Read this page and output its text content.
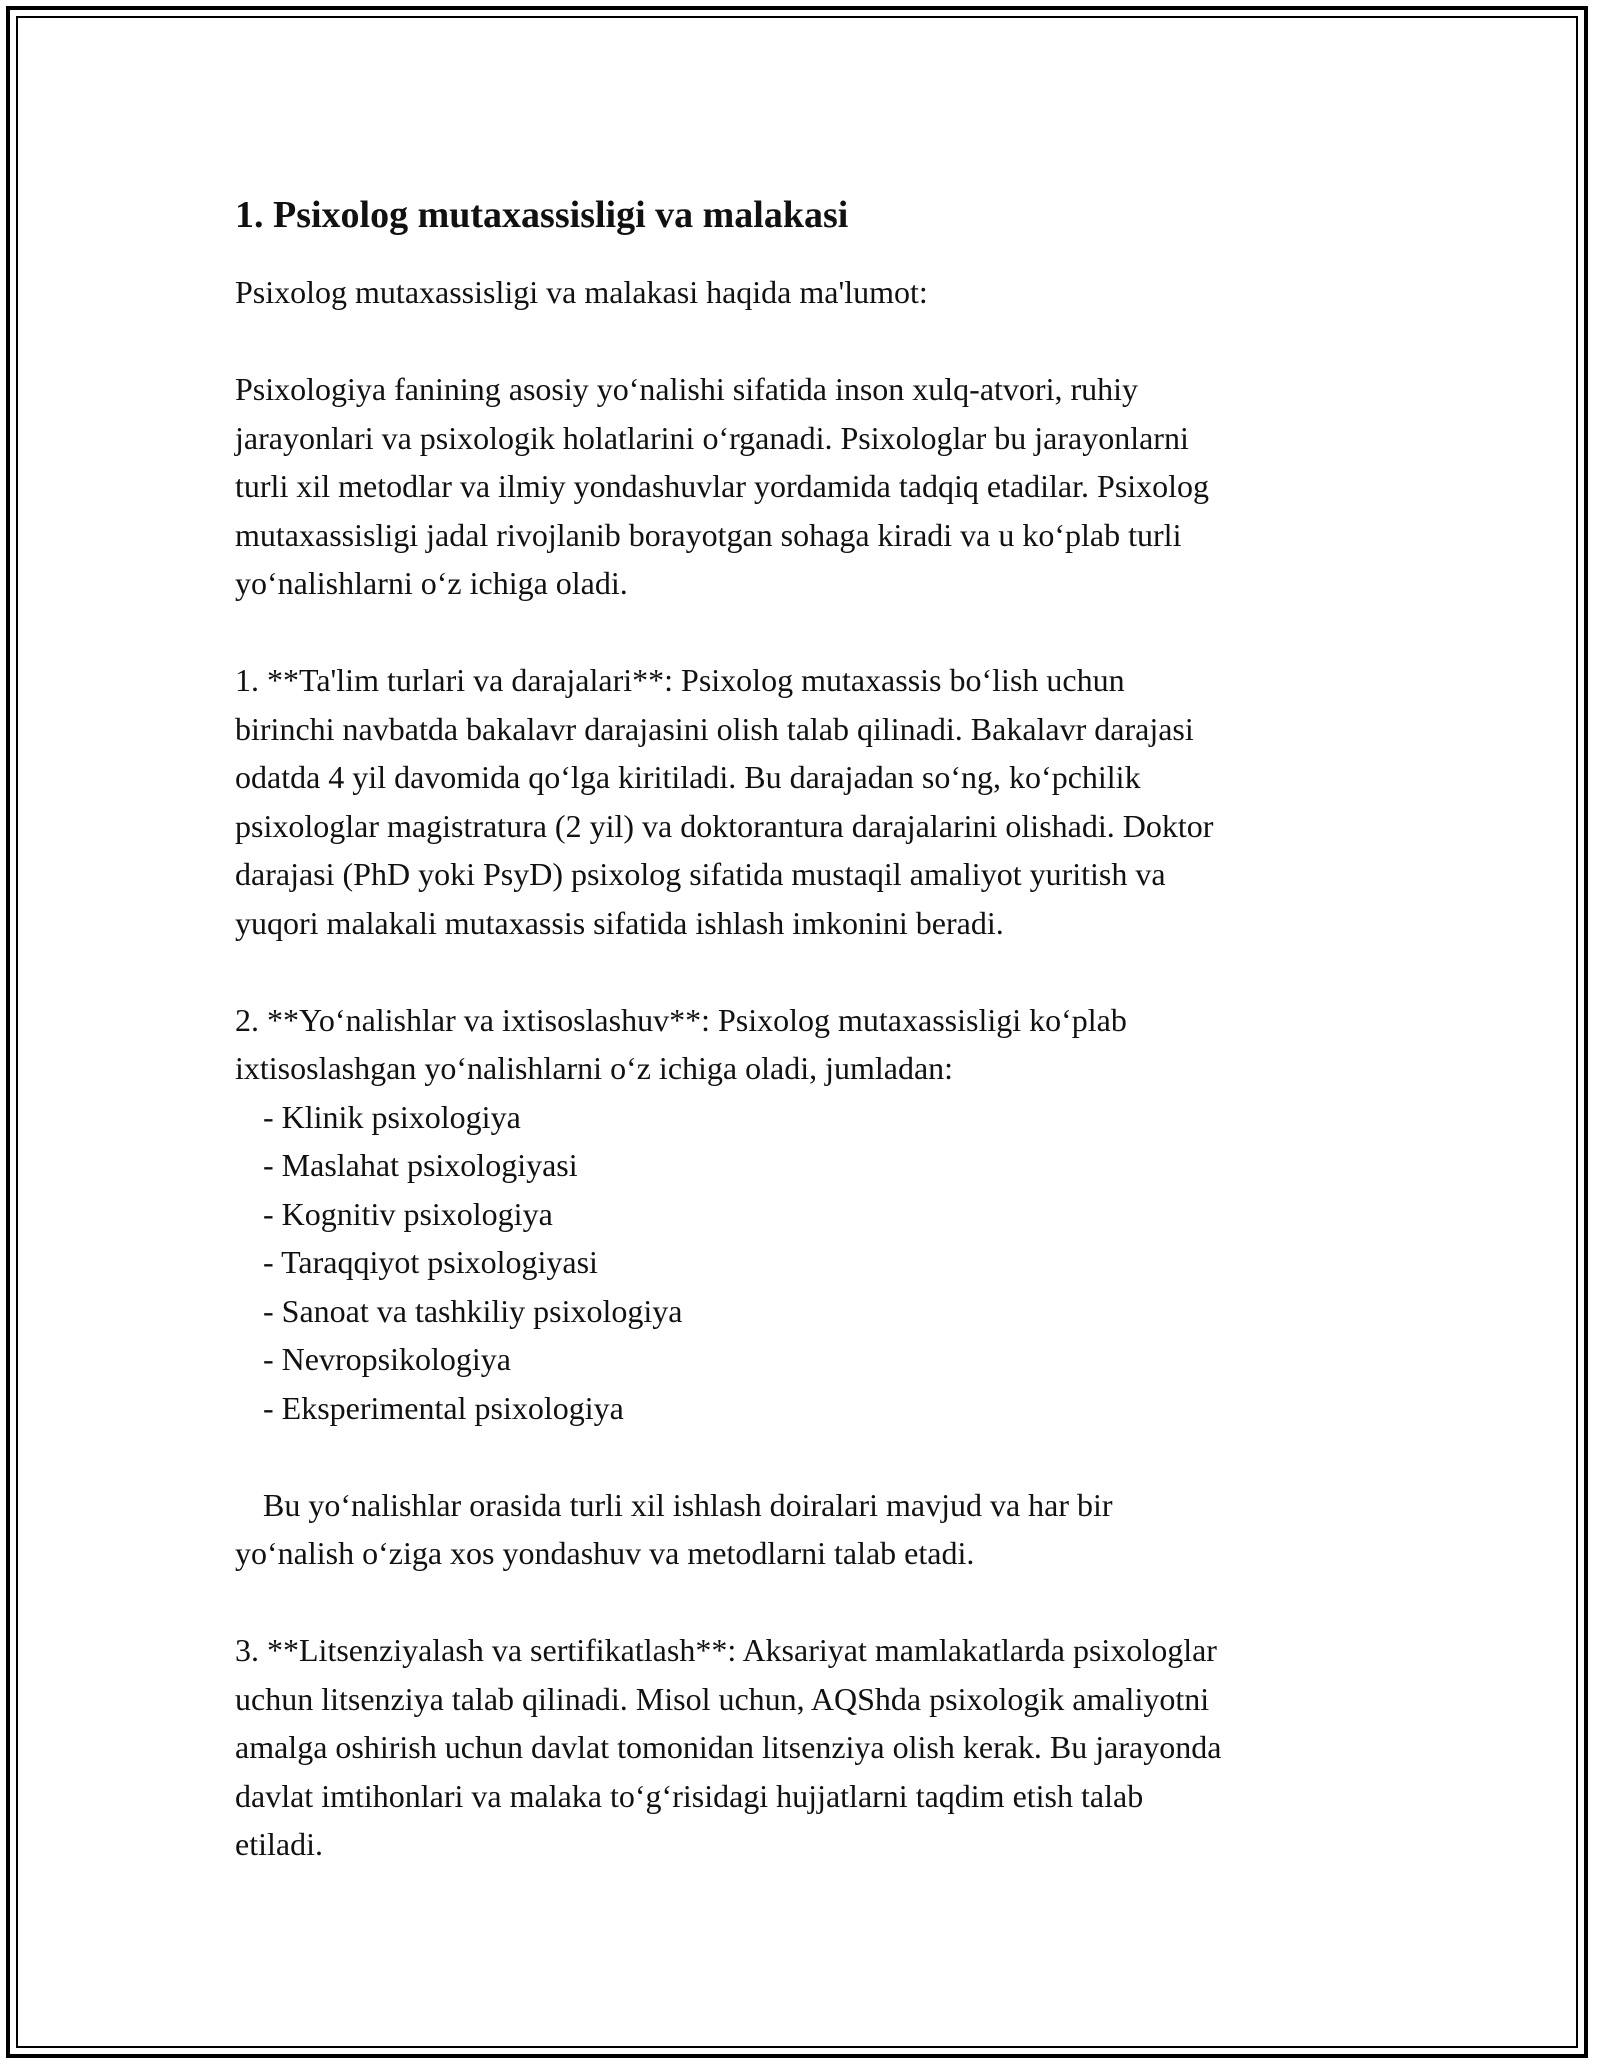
1. Psixolog mutaxassisligi va malakasi

Psixolog mutaxassisligi va malakasi haqida ma'lumot:

Psixologiya fanining asosiy yo‘nalishi sifatida inson xulq-atvori, ruhiy

jarayonlari va psixologik holatlarini o‘rganadi. Psixologlar bu jarayonlarni

turli xil metodlar va ilmiy yondashuvlar yordamida tadqiq etadilar. Psixolog

mutaxassisligi jadal rivojlanib borayotgan sohaga kiradi va u ko‘plab turli

yo‘nalishlarni o‘z ichiga oladi.

1. **Ta'lim turlari va darajalari**: Psixolog mutaxassis bo‘lish uchun

birinchi navbatda bakalavr darajasini olish talab qilinadi. Bakalavr darajasi

odatda 4 yil davomida qo‘lga kiritiladi. Bu darajadan so‘ng, ko‘pchilik

psixologlar magistratura (2 yil) va doktorantura darajalarini olishadi. Doktor

darajasi (PhD yoki PsyD) psixolog sifatida mustaqil amaliyot yuritish va

yuqori malakali mutaxassis sifatida ishlash imkonini beradi.

2. **Yo‘nalishlar va ixtisoslashuv**: Psixolog mutaxassisligi ko‘plab

ixtisoslashgan yo‘nalishlarni o‘z ichiga oladi, jumladan:

- Klinik psixologiya

- Maslahat psixologiyasi

- Kognitiv psixologiya

- Taraqqiyot psixologiyasi

- Sanoat va tashkiliy psixologiya

- Nevropsikologiya

- Eksperimental psixologiya

Bu yo‘nalishlar orasida turli xil ishlash doiralari mavjud va har bir

yo‘nalish o‘ziga xos yondashuv va metodlarni talab etadi.

3. **Litsenziyalash va sertifikatlash**: Aksariyat mamlakatlarda psixologlar

uchun litsenziya talab qilinadi. Misol uchun, AQShda psixologik amaliyotni

amalga oshirish uchun davlat tomonidan litsenziya olish kerak. Bu jarayonda

davlat imtihonlari va malaka to‘g‘risidagi hujjatlarni taqdim etish talab

etiladi.
